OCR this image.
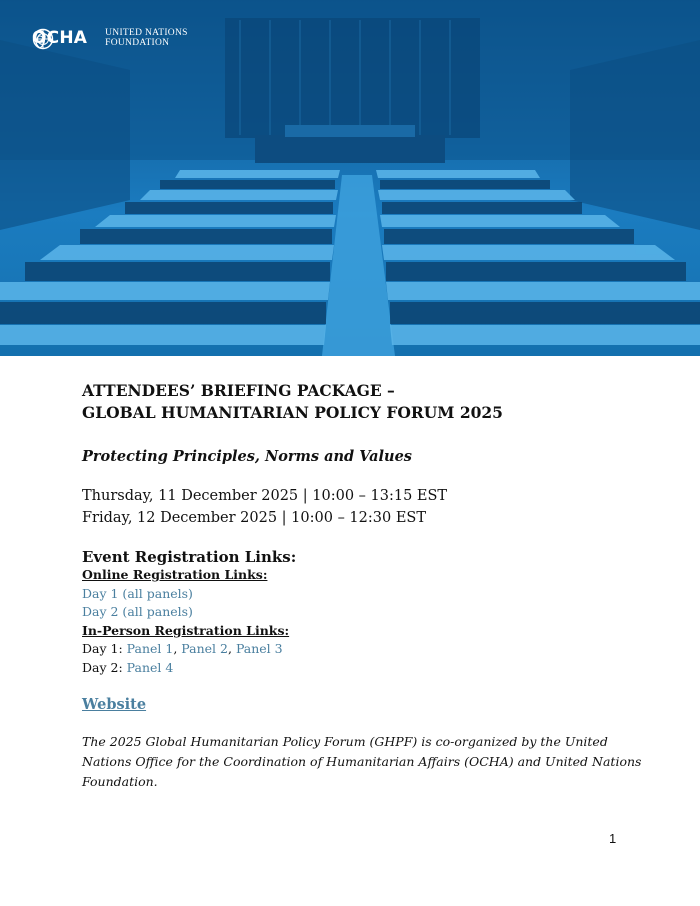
OCHA UNITED NATIONS
FOUNDATION

ATTENDEES’ BRIEFING PACKAGE –
GLOBAL HUMANITARIAN POLICY FORUM 2025

Protecting Principles, Norms and Values

Thursday, 11 December 2025 | 10:00 – 13:15 EST
Friday, 12 December 2025 | 10:00 – 12:30 EST

Event Registration Links:
Online Registration Links:
Day 1 (all panels)
Day 2 (all panels)
In-Person Registration Links:
Day 1: Panel 1, Panel 2, Panel 3
Day 2: Panel 4
Website
The 2025 Global Humanitarian Policy Forum (GHPF) is co-organized by the United Nations Office for the Coordination of Humanitarian Affairs (OCHA) and United Nations Foundation.
1
